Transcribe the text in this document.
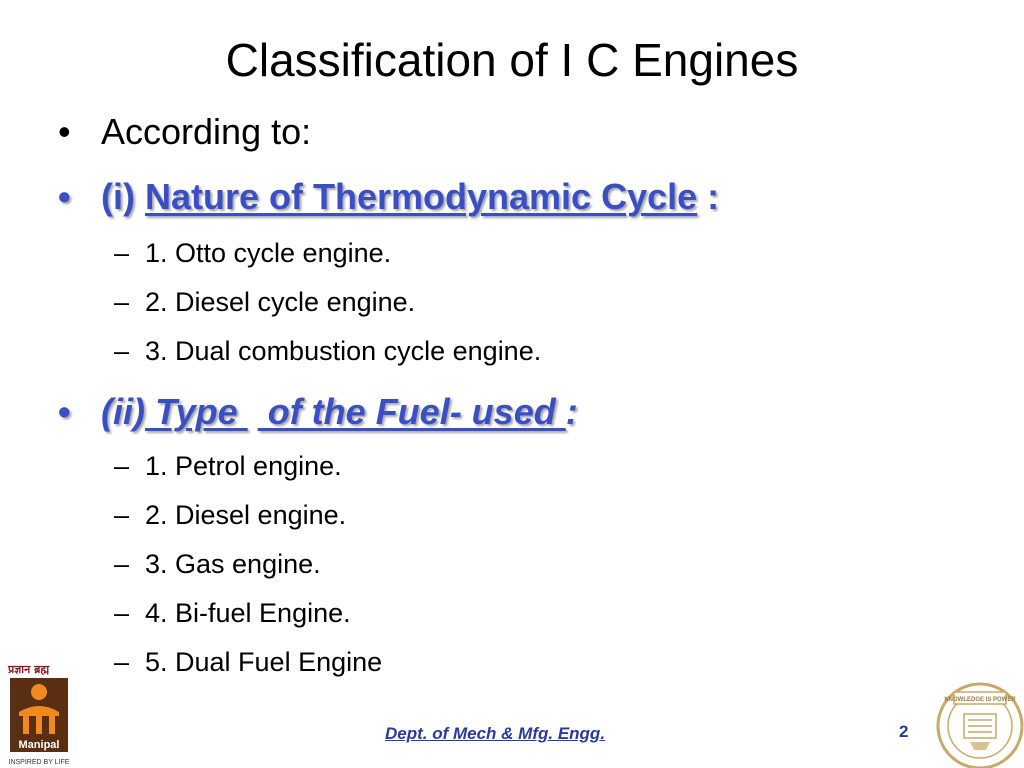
Classification of I C Engines
• According to:
• (i) Nature of Thermodynamic Cycle :
– 1. Otto cycle engine.
– 2. Diesel cycle engine.
– 3. Dual combustion cycle engine.
• (ii) Type   of the Fuel- used :
– 1. Petrol engine.
– 2. Diesel engine.
– 3. Gas engine.
– 4. Bi-fuel Engine.
– 5. Dual Fuel Engine
प्रज्ञान ब्रह्म
Manipal
INSPIRED BY LIFE
KNOWLEDGE IS POWER
Dept. of Mech & Mfg. Engg.	2
